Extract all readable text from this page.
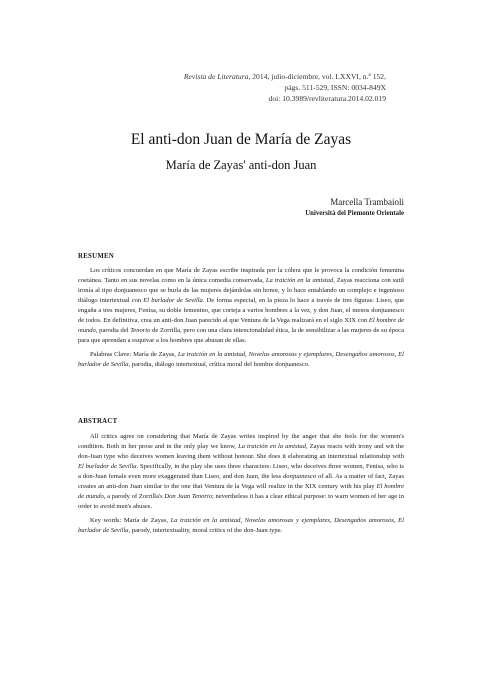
Revista de Literatura, 2014, julio-diciembre, vol. LXXVI, n.º 152,
págs. 511-529, ISSN: 0034-849X
doi: 10.3989/revliteratura.2014.02.019
El anti-don Juan de María de Zayas
María de Zayas' anti-don Juan
Marcella Trambaioli
Università del Piemonte Orientale
RESUMEN

Los críticos concuerdan en que María de Zayas escribe inspirada por la cólera que le provoca la condición femenina coetánea. Tanto en sus novelas como en la única comedia conservada, La traición en la amistad, Zayas reacciona con sutil ironía al tipo donjuanesco que se burla de las mujeres dejándolas sin honor, y lo hace entablando un complejo e ingenioso diálogo intertextual con El burlador de Sevilla. De forma especial, en la pieza lo hace a través de tres figuras: Liseo, que engaña a tres mujeres, Fenisa, su doble femenino, que corteja a varios hombres a la vez, y don Juan, el menos donjuanesco de todos. En definitiva, crea un anti-don Juan parecido al que Ventura de la Vega realizará en el siglo XIX con El hombre de mundo, parodia del Tenorio de Zorrilla, pero con una clara intencionalidad ética, la de sensibilizar a las mujeres de su época para que aprendan a esquivar a los hombres que abusan de ellas.

Palabras Clave: María de Zayas, La traición en la amistad, Novelas amorosas y ejemplares, Desengaños amorosos, El burlador de Sevilla, parodia, diálogo intertextual, crítica moral del hombre donjuanesco.

ABSTRACT

All critics agree on considering that María de Zayas writes inspired by the anger that she feels for the women's condition. Both in her prose and in the only play we know, La traición en la amistad, Zayas reacts with irony and wit the don-Juan type who deceives women leaving them without honour. She does it elaborating an intertextual relationship with El burlador de Sevilla. Specifically, in the play she uses three characters: Liseo, who deceives three women, Fenisa, who is a don-Juan female even more exaggerated than Liseo, and don Juan, the less donjuanesco of all. As a matter of fact, Zayas creates an anti-don Juan similar to the one that Ventura de la Vega will realize in the XIX century with his play El hombre de mundo, a parody of Zorrilla's Don Juan Tenorio; nevertheless it has a clear ethical purpose: to warn women of her age in order to avoid men's abuses.

Key words: María de Zayas, La traición en la amistad, Novelas amorosas y ejemplares, Desengaños amorosos, El burlador de Sevilla, parody, intertextuality, moral critics of the don-Juan type.
